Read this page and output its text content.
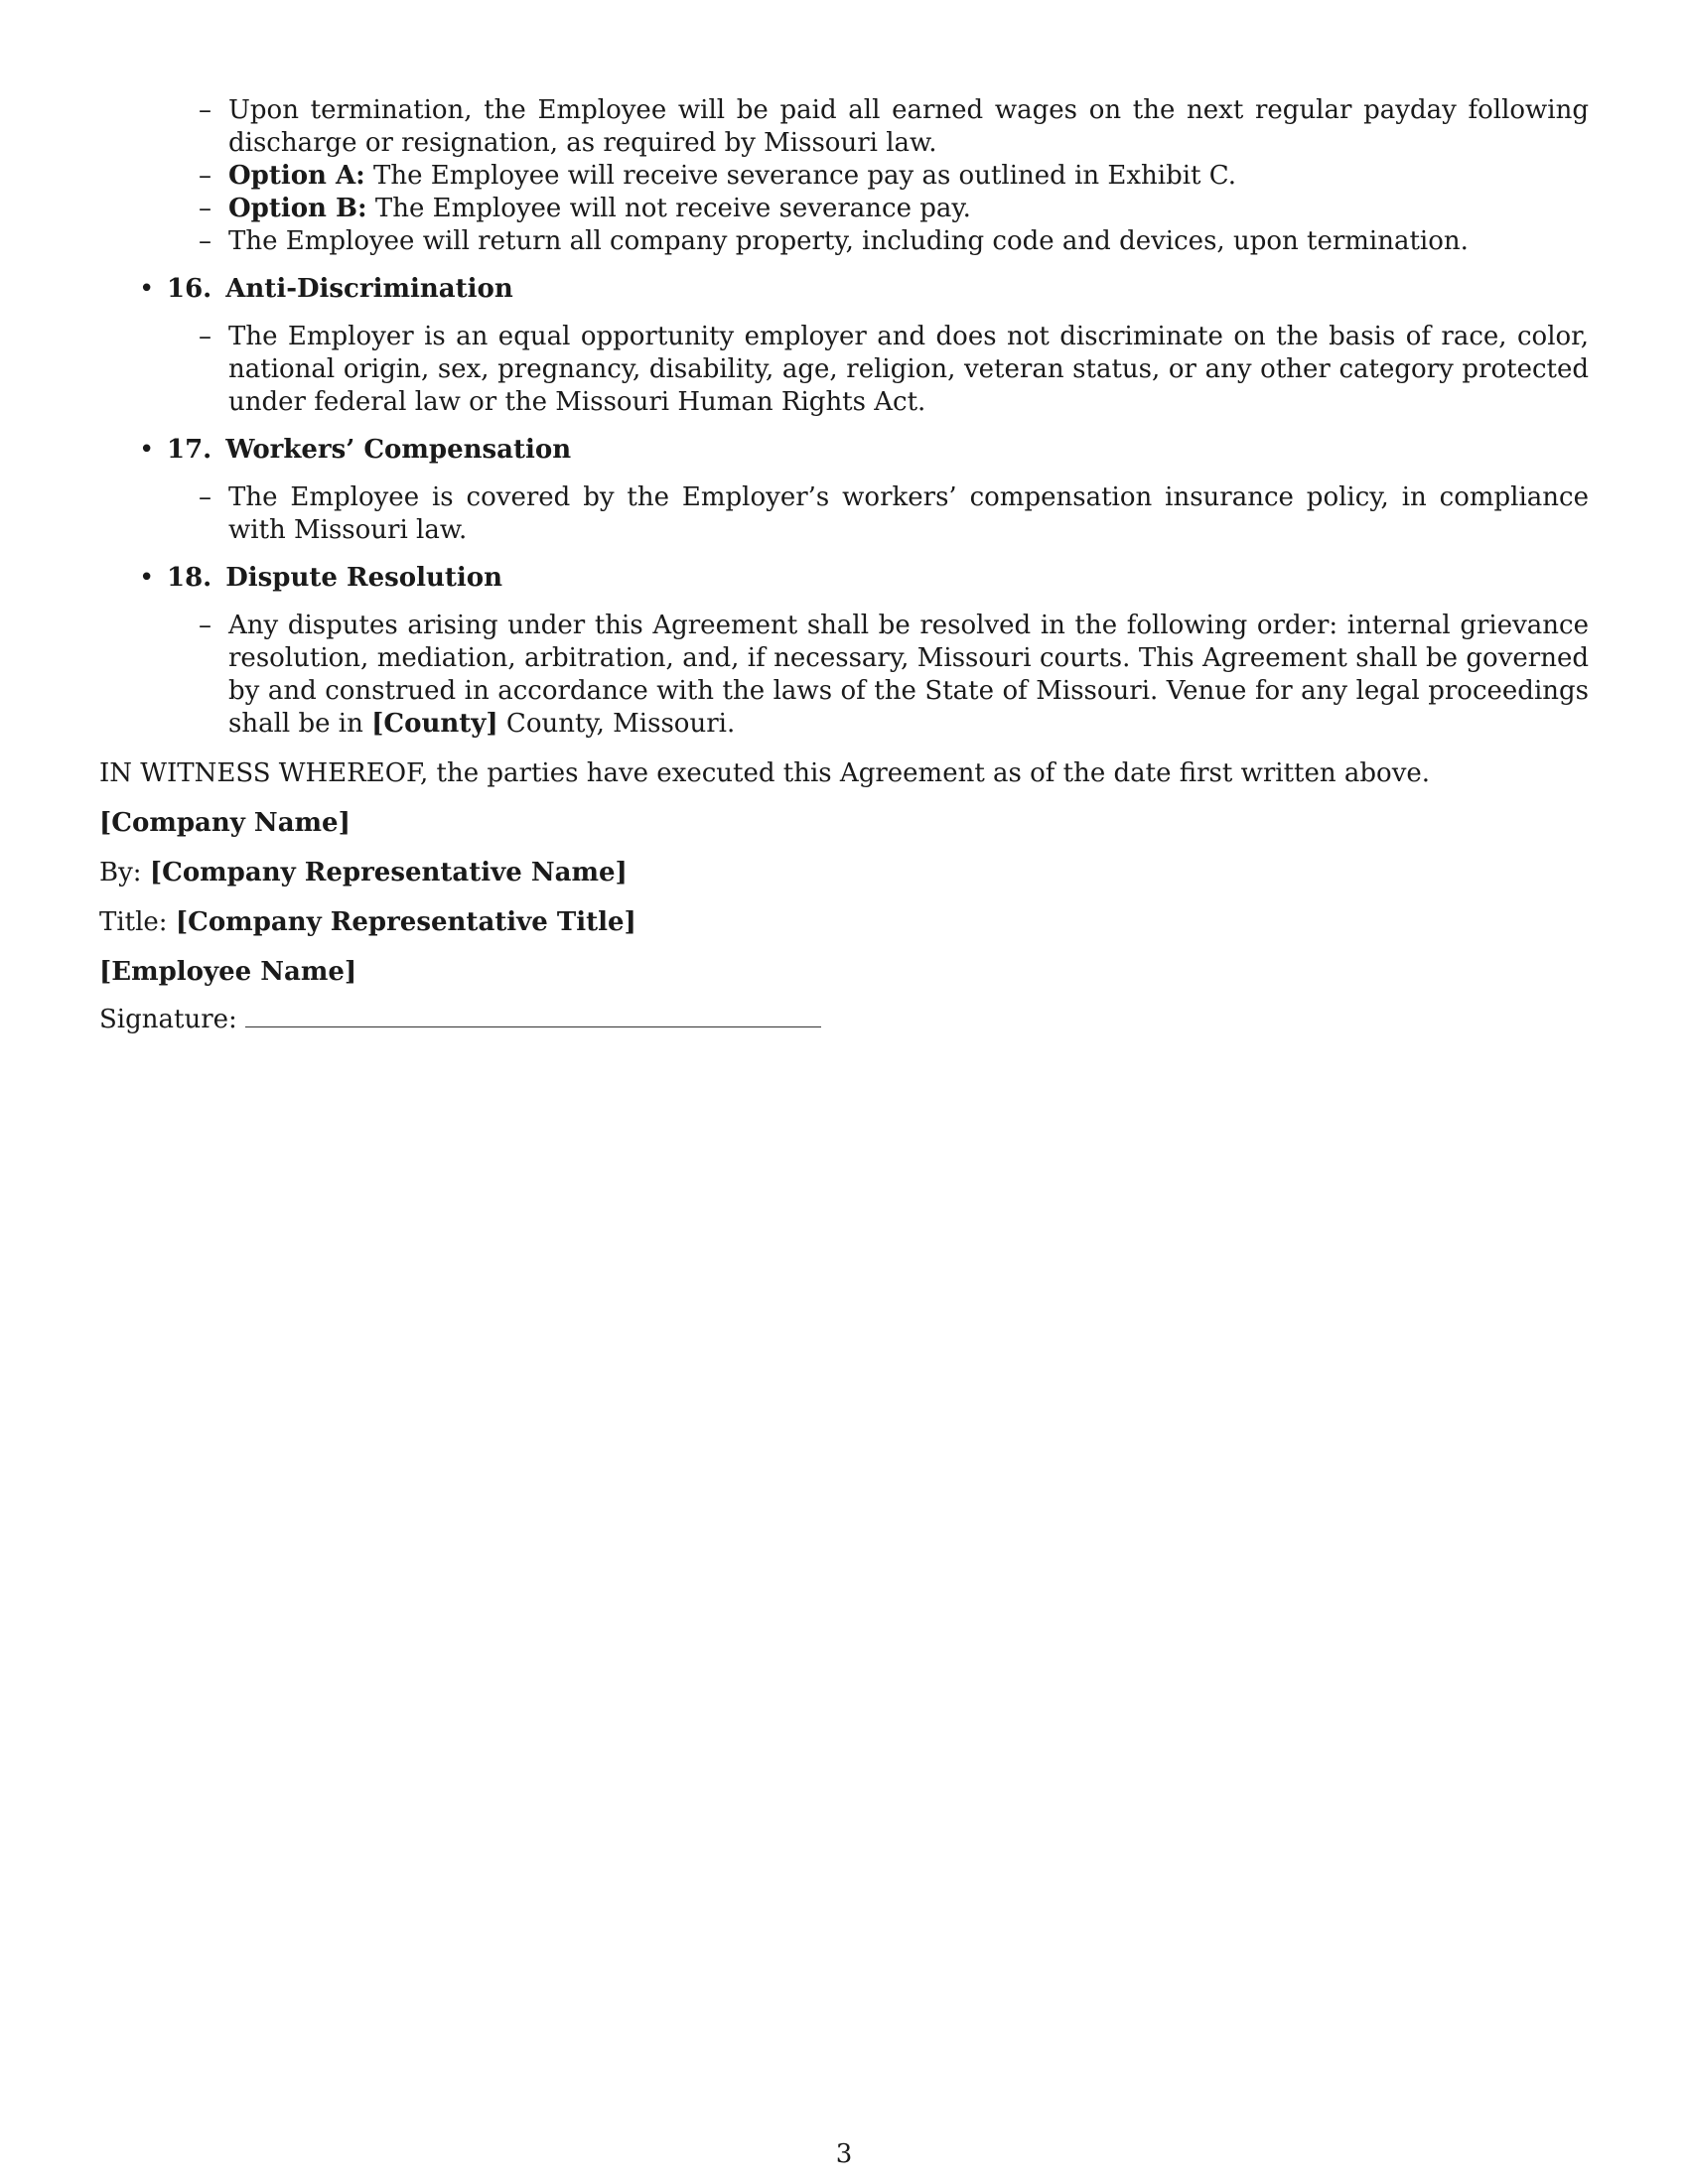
– Upon termination, the Employee will be paid all earned wages on the next regular payday following discharge or resignation, as required by Missouri law.
– Option A: The Employee will receive severance pay as outlined in Exhibit C.
– Option B: The Employee will not receive severance pay.
– The Employee will return all company property, including code and devices, upon termination.
• 16. Anti-Discrimination
– The Employer is an equal opportunity employer and does not discriminate on the basis of race, color, national origin, sex, pregnancy, disability, age, religion, veteran status, or any other category protected under federal law or the Missouri Human Rights Act.
• 17. Workers’ Compensation
– The Employee is covered by the Employer’s workers’ compensation insurance policy, in compliance with Missouri law.
• 18. Dispute Resolution
– Any disputes arising under this Agreement shall be resolved in the following order: internal grievance resolution, mediation, arbitration, and, if necessary, Missouri courts. This Agreement shall be governed by and construed in accordance with the laws of the State of Missouri. Venue for any legal proceedings shall be in [County] County, Missouri.
IN WITNESS WHEREOF, the parties have executed this Agreement as of the date first written above.
[Company Name]
By: [Company Representative Name]
Title: [Company Representative Title]
[Employee Name]
Signature:
3
